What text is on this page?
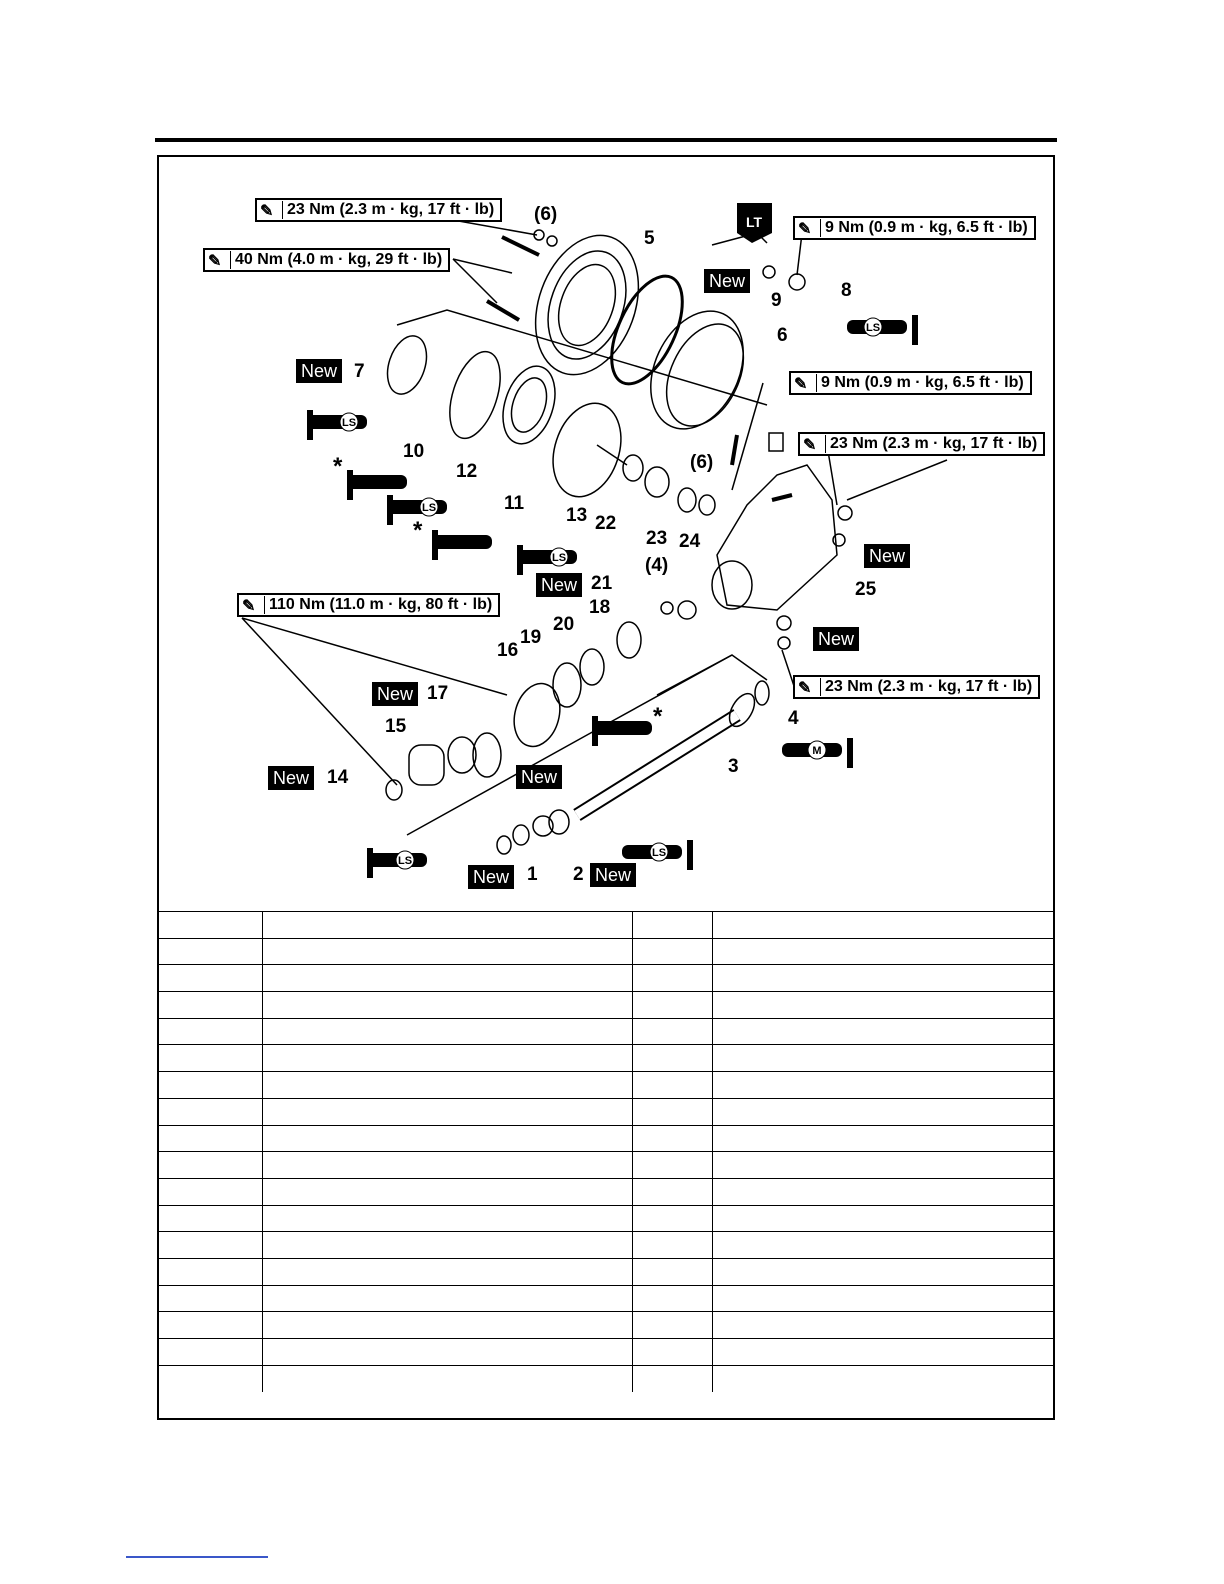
LS
LS
LS
LS
LS
LS
M
LT
✎ 23 Nm (2.3 m · kg, 17 ft · lb)
✎ 40 Nm (4.0 m · kg, 29 ft · lb)
✎ 9 Nm (0.9 m · kg, 6.5 ft · lb)
✎ 9 Nm (0.9 m · kg, 6.5 ft · lb)
✎ 23 Nm (2.3 m · kg, 17 ft · lb)
✎ 110 Nm (11.0 m · kg, 80 ft · lb)
✎ 23 Nm (2.3 m · kg, 17 ft · lb)
(6)
5
9	8
6
7
10
12
11
13 22
23 24
(6)
(4)
21
18
20
19
16
17
15
14
25
4
3
1 2
New
New
New
New
New
New
New
New
New	New
*
*
*
